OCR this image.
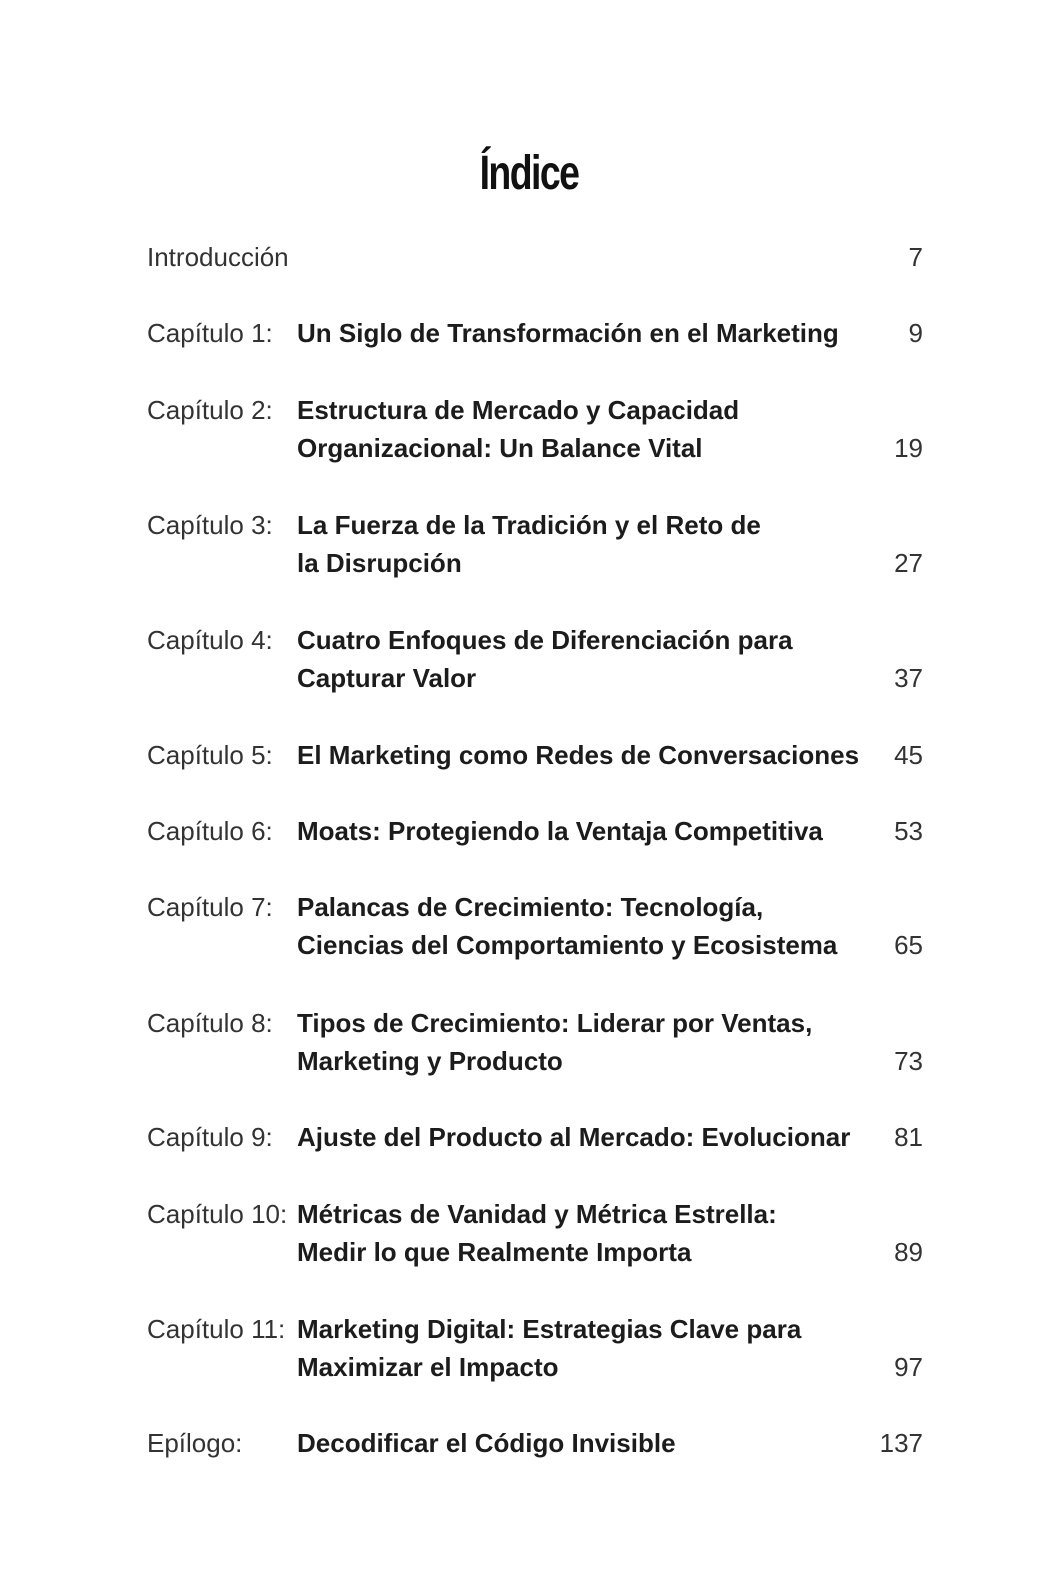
Índice
Introducción	7
Capítulo 1: Un Siglo de Transformación en el Marketing	9
Capítulo 2: Estructura de Mercado y Capacidad
Organizacional: Un Balance Vital	19
Capítulo 3: La Fuerza de la Tradición y el Reto de
la Disrupción	27
Capítulo 4: Cuatro Enfoques de Diferenciación para
Capturar Valor	37
Capítulo 5: El Marketing como Redes de Conversaciones 45
Capítulo 6: Moats: Protegiendo la Ventaja Competitiva	53
Capítulo 7: Palancas de Crecimiento: Tecnología,
Ciencias del Comportamiento y Ecosistema	65
Capítulo 8: Tipos de Crecimiento: Liderar por Ventas,
Marketing y Producto	73
Capítulo 9: Ajuste del Producto al Mercado: Evolucionar 81
Capítulo 10: Métricas de Vanidad y Métrica Estrella:
Medir lo que Realmente Importa	89
Capítulo 11: Marketing Digital: Estrategias Clave para
Maximizar el Impacto	97
Epílogo: Decodificar el Código Invisible	137
